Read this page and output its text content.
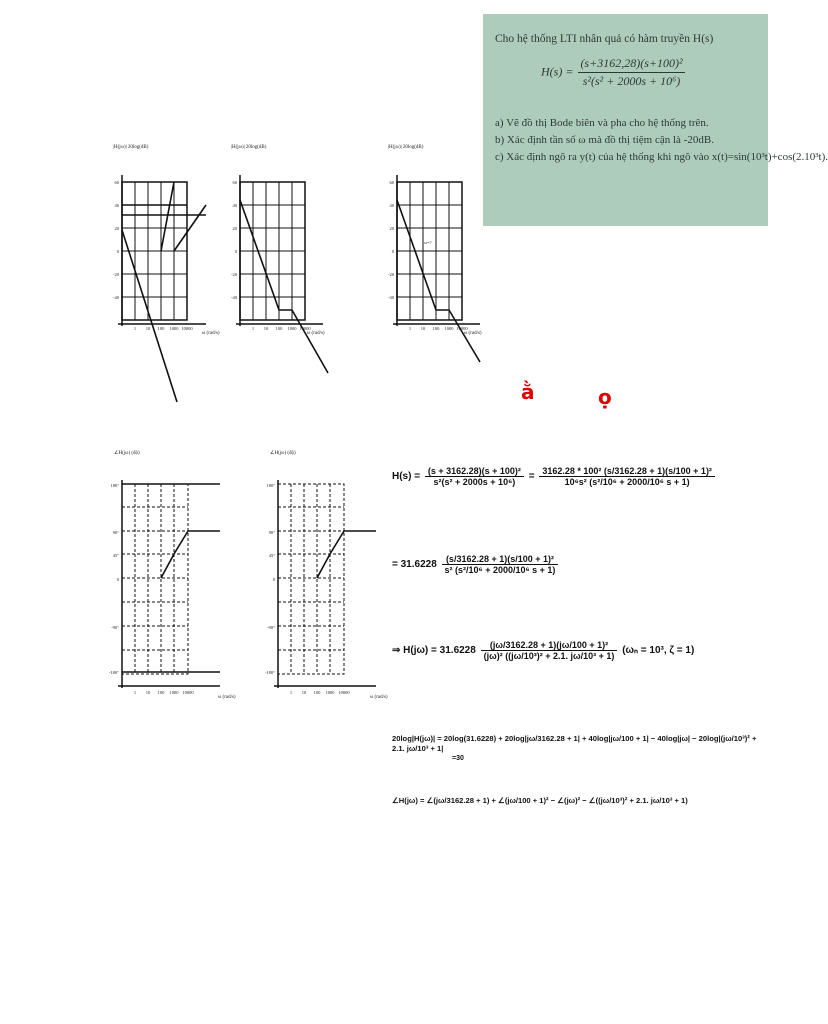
Cho hệ thống LTI nhân quả có hàm truyền H(s)
$H(s) = \frac{\text{(s+3162,28)(s+100)²}}{\text{s²(s² + 2000s + 10⁶)}}$
a) Vẽ đồ thị Bode biên và pha cho hệ thống trên.
b) Xác định tần số ω mà đồ thị tiệm cận là -20dB.
c) Xác định ngõ ra y(t) của hệ thống khi ngõ vào x(t)=sin(10³t)+cos(2.10³t).
ằ	ọ
|H(jω)| 20log(dB)
ω (rad/s)
60
40
20
0
-20
-40
1 10 100 1000 10000
|H(jω)| 20log(dB)
ω (rad/s)
60
40
20
0
-20
-40
1 10 100 1000 10000
|H(jω)| 20log(dB)
ω (rad/s)
60
40
20
0
-20
-40
1 10 100 1000 10000
ω=?
∠H(jω) (độ)
ω (rad/s)
180°
90°
45°
0
-90°
-180°
1 10 100 1000 10000
∠H(jω) (độ)
ω (rad/s)
180°
90°
45°
0
-90°
-180°
1 10 100 1000 10000
$H(s) = \frac{\text{(s + 3162.28)(s + 100)²}}{\text{s²(s² + 2000s + 10⁶)}} = \frac{\text{3162.28 * 100² (s/3162.28 + 1)(s/100 + 1)²}}{\text{10⁶s² (s²/10⁶ + 2000/10⁶ s + 1)}}$
= $31.6228 \frac{\text{(s/3162.28 + 1)(s/100 + 1)²}}{\text{s² (s²/10⁶ + 2000/10⁶ s + 1)}}$
⇒ $H(j\omega) = 31.6228 \frac{\text{(jω/3162.28 + 1)(jω/100 + 1)²}}{\text{(jω)² ((jω/10³)² + 2.1. jω/10³ + 1)}} (\omega_n = 10^3$, ζ = 1)
20log|H(jω)| = 20log(31.6228) + 20log|jω/3162.28 + 1| + 40log|jω/100 + 1| − 40log|jω| − 20log|(jω/10³)² + 2.1. jω/10³ + 1|
=30
∠H(jω) = ∠(jω/3162.28 + 1) + ∠(jω/100 + 1)² − ∠(jω)² − ∠((jω/10³)² + 2.1. jω/10³ + 1)
